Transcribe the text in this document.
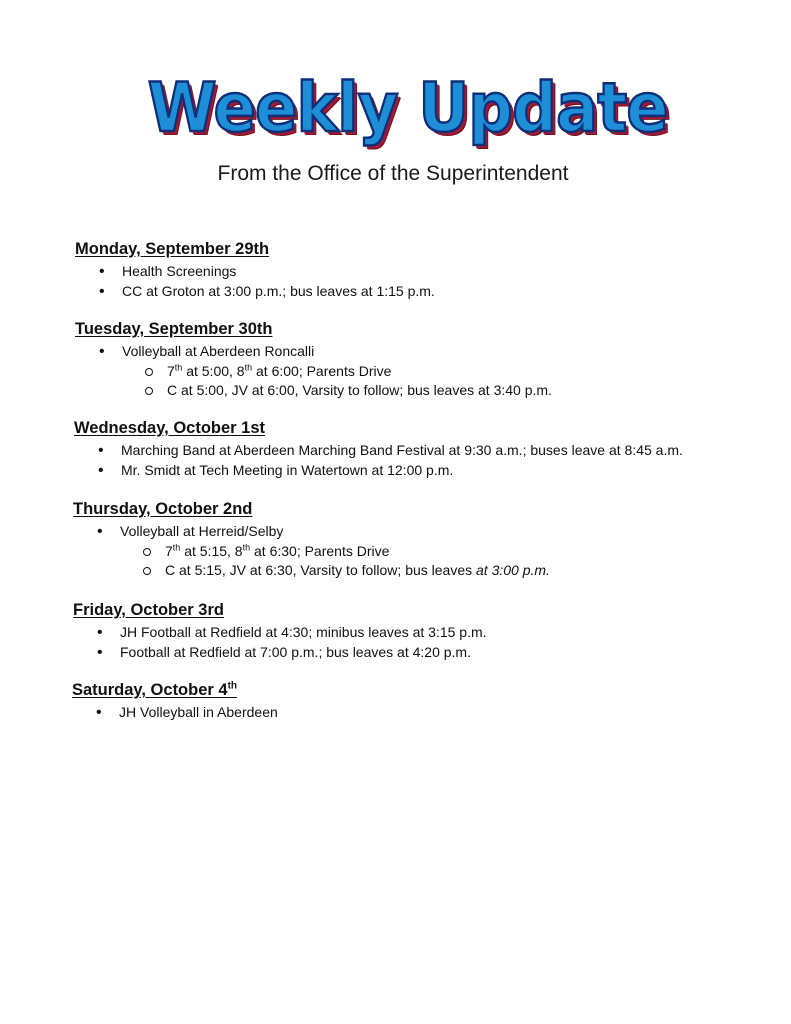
Weekly Update
From the Office of the Superintendent
Monday, September 29th
• Health Screenings
• CC at Groton at 3:00 p.m.; bus leaves at 1:15 p.m.
Tuesday, September 30th
• Volleyball at Aberdeen Roncalli
7th at 5:00, 8th at 6:00; Parents Drive
C at 5:00, JV at 6:00, Varsity to follow; bus leaves at 3:40 p.m.
Wednesday, October 1st
• Marching Band at Aberdeen Marching Band Festival at 9:30 a.m.; buses leave at 8:45 a.m.
• Mr. Smidt at Tech Meeting in Watertown at 12:00 p.m.
Thursday, October 2nd
• Volleyball at Herreid/Selby
7th at 5:15, 8th at 6:30; Parents Drive
C at 5:15, JV at 6:30, Varsity to follow; bus leaves at 3:00 p.m.
Friday, October 3rd
• JH Football at Redfield at 4:30; minibus leaves at 3:15 p.m.
• Football at Redfield at 7:00 p.m.; bus leaves at 4:20 p.m.
Saturday, October 4th
• JH Volleyball in Aberdeen
